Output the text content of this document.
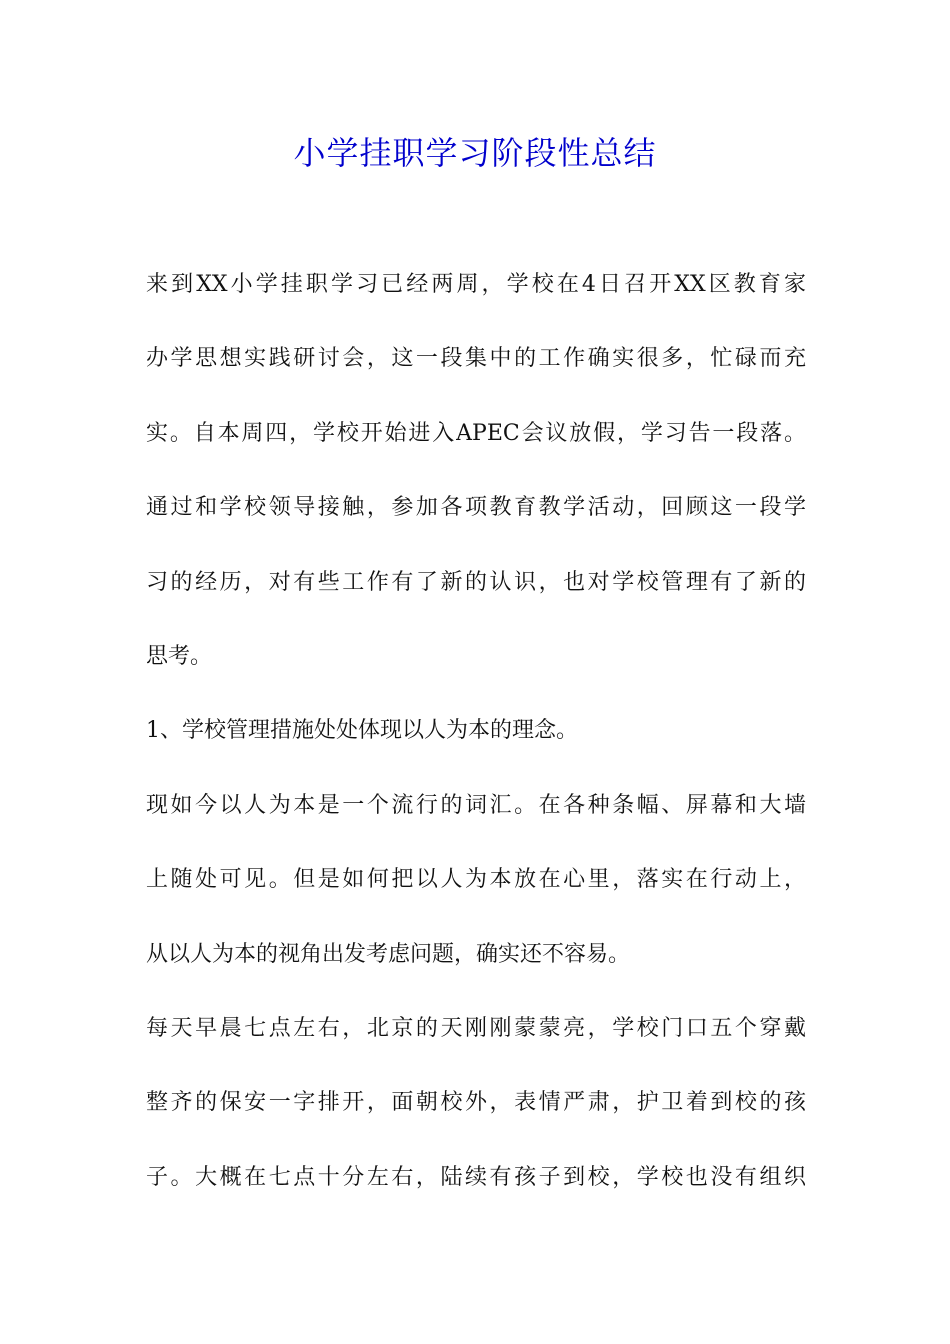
小学挂职学习阶段性总结
来到XX小学挂职学习已经两周，学校在4日召开XX区教育家
办学思想实践研讨会，这一段集中的工作确实很多，忙碌而充
实。自本周四，学校开始进入APEC会议放假，学习告一段落。
通过和学校领导接触，参加各项教育教学活动，回顾这一段学
习的经历，对有些工作有了新的认识，也对学校管理有了新的
思考。
1、学校管理措施处处体现以人为本的理念。
现如今以人为本是一个流行的词汇。在各种条幅、屏幕和大墙
上随处可见。但是如何把以人为本放在心里，落实在行动上，
从以人为本的视角出发考虑问题，确实还不容易。
每天早晨七点左右，北京的天刚刚蒙蒙亮，学校门口五个穿戴
整齐的保安一字排开，面朝校外，表情严肃，护卫着到校的孩
子。大概在七点十分左右，陆续有孩子到校，学校也没有组织
